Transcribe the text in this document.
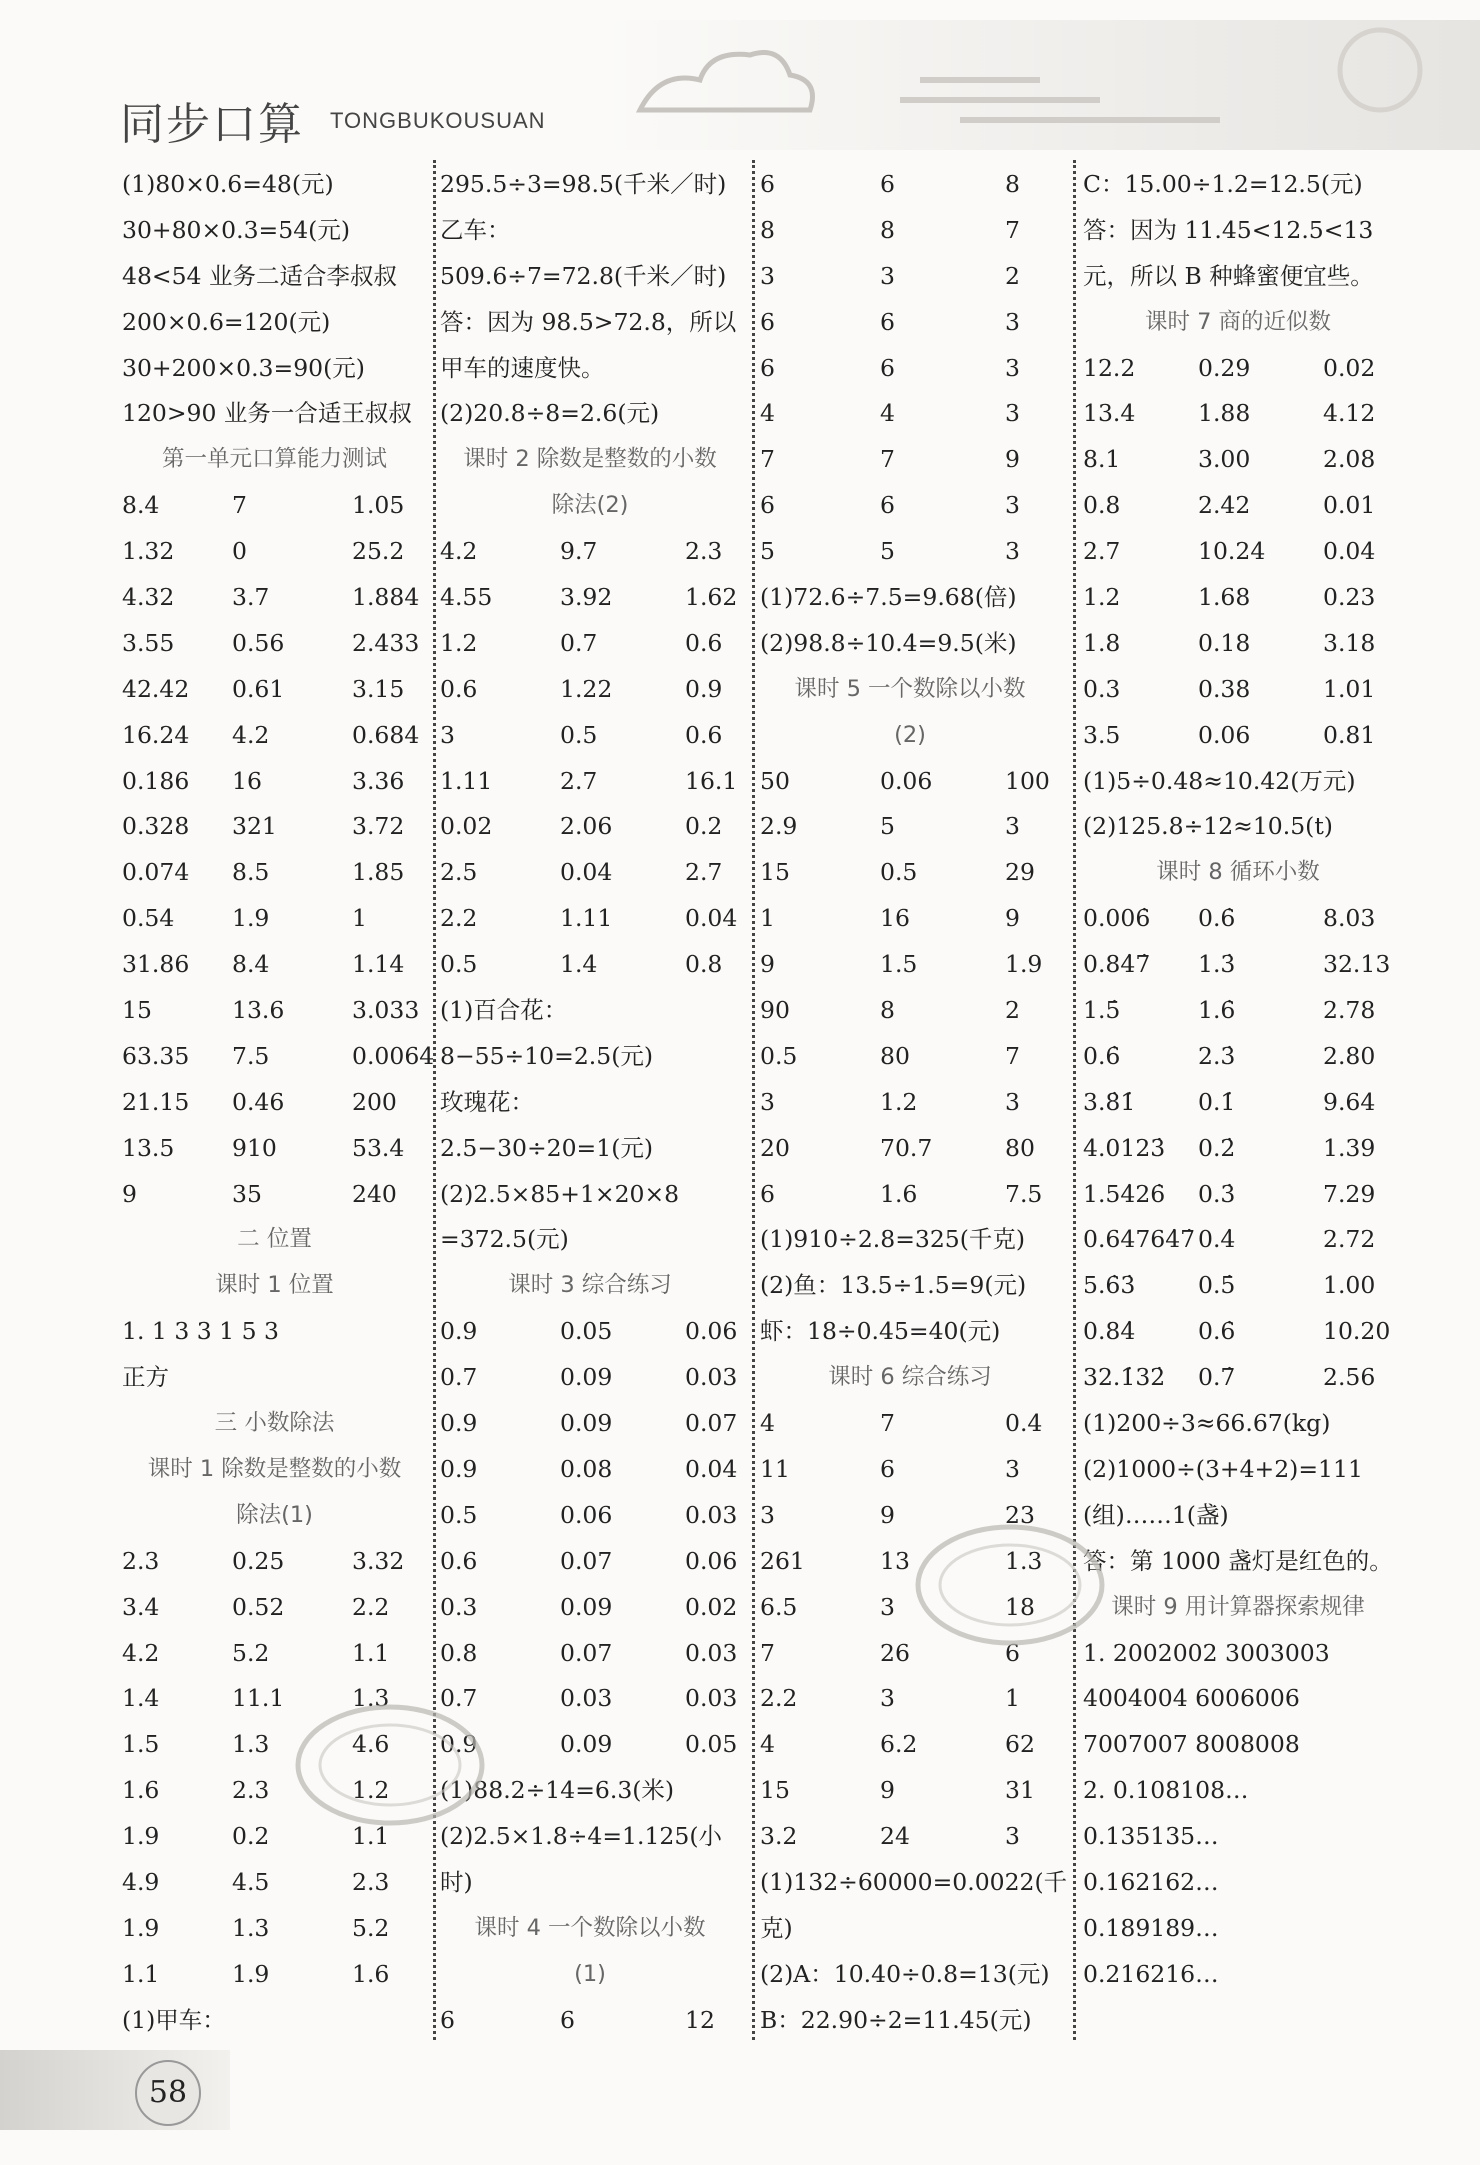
同步口算 TONGBUKOUSUAN
(1)80×0.6=48(元)
30+80×0.3=54(元)
48<54 业务二适合李叔叔
200×0.6=120(元)
30+200×0.3=90(元)
120>90 业务一合适王叔叔
第一单元口算能力测试
8.4	7	1.05
1.32	0	25.2
4.32	3.7	1.884
3.55	0.56	2.433
42.42	0.61	3.15
16.24	4.2	0.684
0.186	16	3.36
0.328	321	3.72
0.074	8.5	1.85
0.54	1.9	1
31.86	8.4	1.14
15	13.6	3.033
63.35	7.5	0.0064
21.15	0.46	200
13.5	910	53.4
9	35	240
二 位置
课时 1 位置
1. 1 3 3 1 5 3
正方
三 小数除法
课时 1 除数是整数的小数
除法(1)
2.3	0.25	3.32
3.4	0.52	2.2
4.2	5.2	1.1
1.4	11.1	1.3
1.5	1.3	4.6
1.6	2.3	1.2
1.9	0.2	1.1
4.9	4.5	2.3
1.9	1.3	5.2
1.1	1.9	1.6
(1)甲车：
295.5÷3=98.5(千米／时)
乙车：
509.6÷7=72.8(千米／时)
答：因为 98.5>72.8，所以
甲车的速度快。
(2)20.8÷8=2.6(元)
课时 2 除数是整数的小数
除法(2)
4.2	9.7	2.3
4.55	3.92	1.62
1.2	0.7	0.6
0.6	1.22	0.9
3	0.5	0.6
1.11	2.7	16.1
0.02	2.06	0.2
2.5	0.04	2.7
2.2	1.11	0.04
0.5	1.4	0.8
(1)百合花：
8−55÷10=2.5(元)
玫瑰花：
2.5−30÷20=1(元)
(2)2.5×85+1×20×8
=372.5(元)
课时 3 综合练习
0.9	0.05	0.06
0.7	0.09	0.03
0.9	0.09	0.07
0.9	0.08	0.04
0.5	0.06	0.03
0.6	0.07	0.06
0.3	0.09	0.02
0.8	0.07	0.03
0.7	0.03	0.03
0.9	0.09	0.05
(1)88.2÷14=6.3(米)
(2)2.5×1.8÷4=1.125(小
时)
课时 4 一个数除以小数
(1)
6	6	12
6	6	8
8	8	7
3	3	2
6	6	3
6	6	3
4	4	3
7	7	9
6	6	3
5	5	3
(1)72.6÷7.5=9.68(倍)
(2)98.8÷10.4=9.5(米)
课时 5 一个数除以小数
(2)
50	0.06	100
2.9	5	3
15	0.5	29
1	16	9
9	1.5	1.9
90	8	2
0.5	80	7
3	1.2	3
20	70.7	80
6	1.6	7.5
(1)910÷2.8=325(千克)
(2)鱼：13.5÷1.5=9(元)
虾：18÷0.45=40(元)
课时 6 综合练习
4	7	0.4
11	6	3
3	9	23
261	13	1.3
6.5	3	18
7	26	6
2.2	3	1
4	6.2	62
15	9	31
3.2	24	3
(1)132÷60000=0.0022(千
克)
(2)A：10.40÷0.8=13(元)
B：22.90÷2=11.45(元)
C：15.00÷1.2=12.5(元)
答：因为 11.45<12.5<13
元，所以 B 种蜂蜜便宜些。
课时 7 商的近似数
12.2	0.29	0.02
13.4	1.88	4.12
8.1	3.00	2.08
0.8	2.42	0.01
2.7	10.24	0.04
1.2	1.68	0.23
1.8	0.18	3.18
0.3	0.38	1.01
3.5	0.06	0.81
(1)5÷0.48≈10.42(万元)
(2)125.8÷12≈10.5(t)
课时 8 循环小数
0.006̇	0.6̇	8.03
0.84̇7̇	1.3̇	32.13
1.5̇	1.6̇	2.78
0.6̇	2.3̇	2.80
3.8̇1̇	0.1̇	9.64
4.0123̇	0.2̇	1.39
1.54̇26̇	0.3̇	7.29
0.64764̇7̇ 0.4̇	2.72
5.6̇3̇	0.5̇	1.00
0.84̇	0.6̇	10.20
32.1̇32̇	0.7̇	2.56
(1)200÷3≈66.67(kg)
(2)1000÷(3+4+2)=111
(组)……1(盏)
答：第 1000 盏灯是红色的。
课时 9 用计算器探索规律
1. 2002002 3003003
4004004 6006006
7007007 8008008
2. 0.108108…
0.135135…
0.162162…
0.189189…
0.216216…
58
